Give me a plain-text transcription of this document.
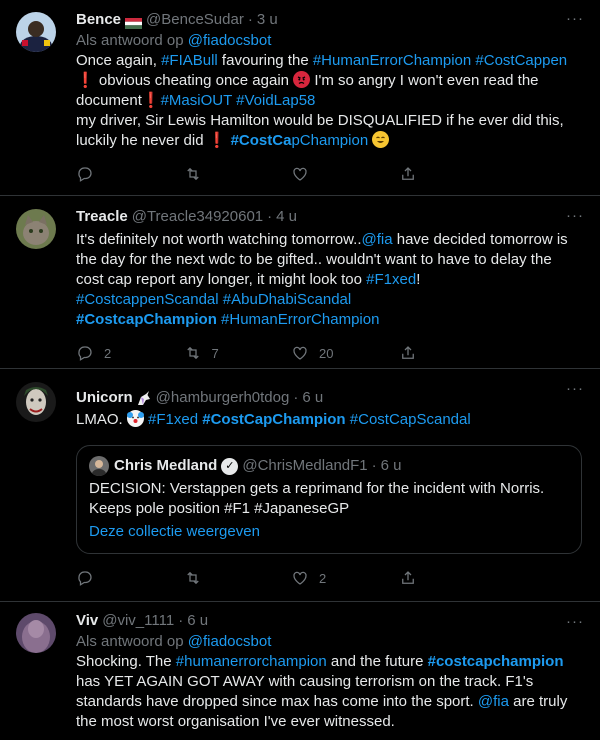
···
Bence @BenceSudar · 3 u
Als antwoord op @fiadocsbot
Once again, #FIABull favouring the #HumanErrorChampion #CostCappen
❗ obvious cheating once again  I'm so angry I won't even read the
document❗#MasiOUT #VoidLap58
my driver, Sir Lewis Hamilton would be DISQUALIFIED if he ever did this,
luckily he never did ❗ #CostCapChampion
···
Treacle @Treacle34920601 · 4 u
It's definitely not worth watching tomorrow..@fia have decided tomorrow is
the day for the next wdc to be gifted.. wouldn't want to have to delay the
cost cap report any longer, it might look too #F1xed!
#CostcappenScandal #AbuDhabiScandal
#CostcapChampion #HumanErrorChampion
2	7	20
···
Unicorn @hamburgerh0tdog · 6 u
LMAO.  #F1xed #CostCapChampion #CostCapScandal
Chris Medland ✓ @ChrisMedlandF1 · 6 u
DECISION: Verstappen gets a reprimand for the incident with Norris.
Keeps pole position #F1 #JapaneseGP
Deze collectie weergeven
2
···
Viv @viv_1111 · 6 u
Als antwoord op @fiadocsbot
Shocking. The #humanerrorchampion and the future #costcapchampion
has YET AGAIN GOT AWAY with causing terrorism on the track. F1's
standards have dropped since max has come into the sport. @fia are truly
the most worst organisation I've ever witnessed.
